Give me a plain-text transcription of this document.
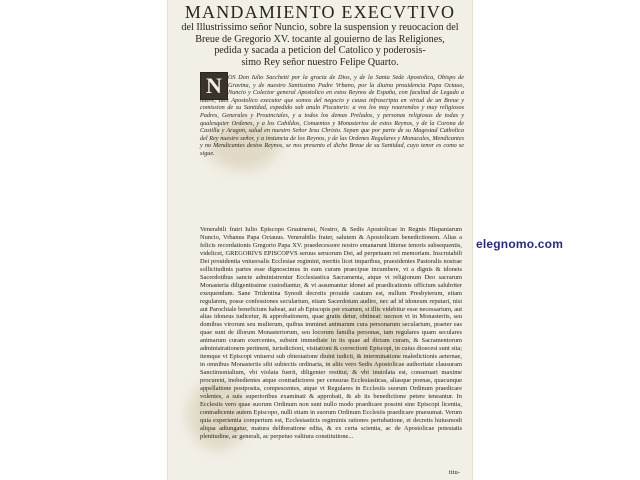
MANDAMIENTO EXECVTIVO
del Illustrissimo señor Nuncio, sobre la suspension y reuocacion del
Breue de Gregorio XV. tocante al gouierno de las Religiones,
pedida y sacada a peticion del Catolico y poderosis-
simo Rey señor nuestro Felipe Quarto.
N OS Don Iulio Sacchetti por la gracia de Dios, y de la Santa Sede Apostolica, Obispo de Gravina, y de nuestro Santissimo Padre Vrbano, por la diuina prouidencia Papa Octauo, Nuncio y Colector general Apostolico en estos Reynos de España, con facultad de Legado a latere, Iuez Apostolico executor que somos del negocio y causa infrascripta en virtud de un Breue y comission de su Santidad, expedido sub anulo Piscatoris: a vos los muy reuerendos y muy religiosos Padres, Generales y Prouinciales, y a todos los demas Prelados, y personas religiosas de todas y qualesquier Ordenes, y a los Cabildos, Conuentos y Monasterios de estos Reynos, y de la Corona de Castilla y Aragon, salud en nuestro Señor Iesu Christo. Sepan que por parte de su Magestad Catholica del Rey nuestro señor, y a instancia de los Reynos, y de las Ordenes Regulares y Monacales, Mendicantes y no Mendicantes destos Reynos, se nos presento el dicho Breue de su Santidad, cuyo tenor es como se sigue.
Venerabili fratri Iulio Episcopo Grauinensi, Nostro, & Sedis Apostolicae in Regnis Hispaniarum Nuncio, Vrbanus Papa Octauus. Venerabilis frater, salutem & Apostolicam benedictionem. Alias a felicis recordationis Gregorio Papa XV. praedecessore nostro emanarunt litterae tenoris subsequentis, videlicet, GREGORIVS EPISCOPVS seruus seruorum Dei, ad perpetuam rei memoriam. Inscrutabili Dei prouidentia vniuersalis Ecclesiae regimini, meritis licet imparibus, praesidentes Pastoralis nostrae sollicitudinis partes esse dignoscimus in eam curam praecipue incumbere, vt a dignis & idoneis Sacerdotibus sancte administrentur Ecclesiastica Sacramenta, atque vt religionum Deo sacrarum Monasteria diligentissime custodiantur, & vt assumantur idonei ad praedicationis officium salubriter exequendum. Sane Tridentina Synodi decretis prouide cautum est, nullum Presbyterum, etiam regularem, posse confessiones secularium, etiam Sacerdotum audire, nec ad id idoneum reputari, nisi aut Parochiale beneficium habeat, aut ab Episcopis per examen, si illis videbitur esse necessarium, aut alias idoneus iudicetur, & approbationem, quae gratis detur, obtineat: necnon vt in Monasteriis, seu domibus virorum seu mulierum, quibus imminet animarum cura personarum secularium, praeter eas quae sunt de illorum Monasteriorum, seu locorum familia personas, tam regulares quam seculares animarum curam exercentes, subsint immediate in iis quae ad dictam curam, & Sacramentorum administrationem pertinent, iurisdictioni, visitationi & correctioni Episcopi, in cuius dioecesi sunt sita; itemque vt Episcopi vniuersi sub obtestatione diuini iudicii, & interminatione maledictionis aeternae, in omnibus Monasteriis sibi subiectis ordinaria, in aliis vero Sedis Apostolicae authoritate clausuram Sanctimonialium, vbi violata fuerit, diligenter restitui, & vbi inuiolata est, conseruari maxime procurent, inobedientes atque contradictores per censuras Ecclesiasticas, aliasque poenas, quacunque appellatione postposita, compescentes, atque vt Regulares in Ecclesiis suorum Ordinum praedicare volentes, a suis superioribus examinati & approbati, & ab iis benedictione petere teneantur. In Ecclesiis vero quae suorum Ordinum non sunt nullo modo praedicare possint sine Episcopi licentia, contradicente autem Episcopo, nulli etiam in suorum Ordinum Ecclesiis praedicare praesumat. Verum quia experientia compertum est, Ecclesiasticis regiminis rationes pertubatione, et decretis huiusmodi aliqua adiungatur, matura deliberatione edita, & ex certa scientia, ac de Apostolicae potestatis plenitudine, ac generali, ac perpetuo valitura constitutione...
titu-
elegnomo.com
